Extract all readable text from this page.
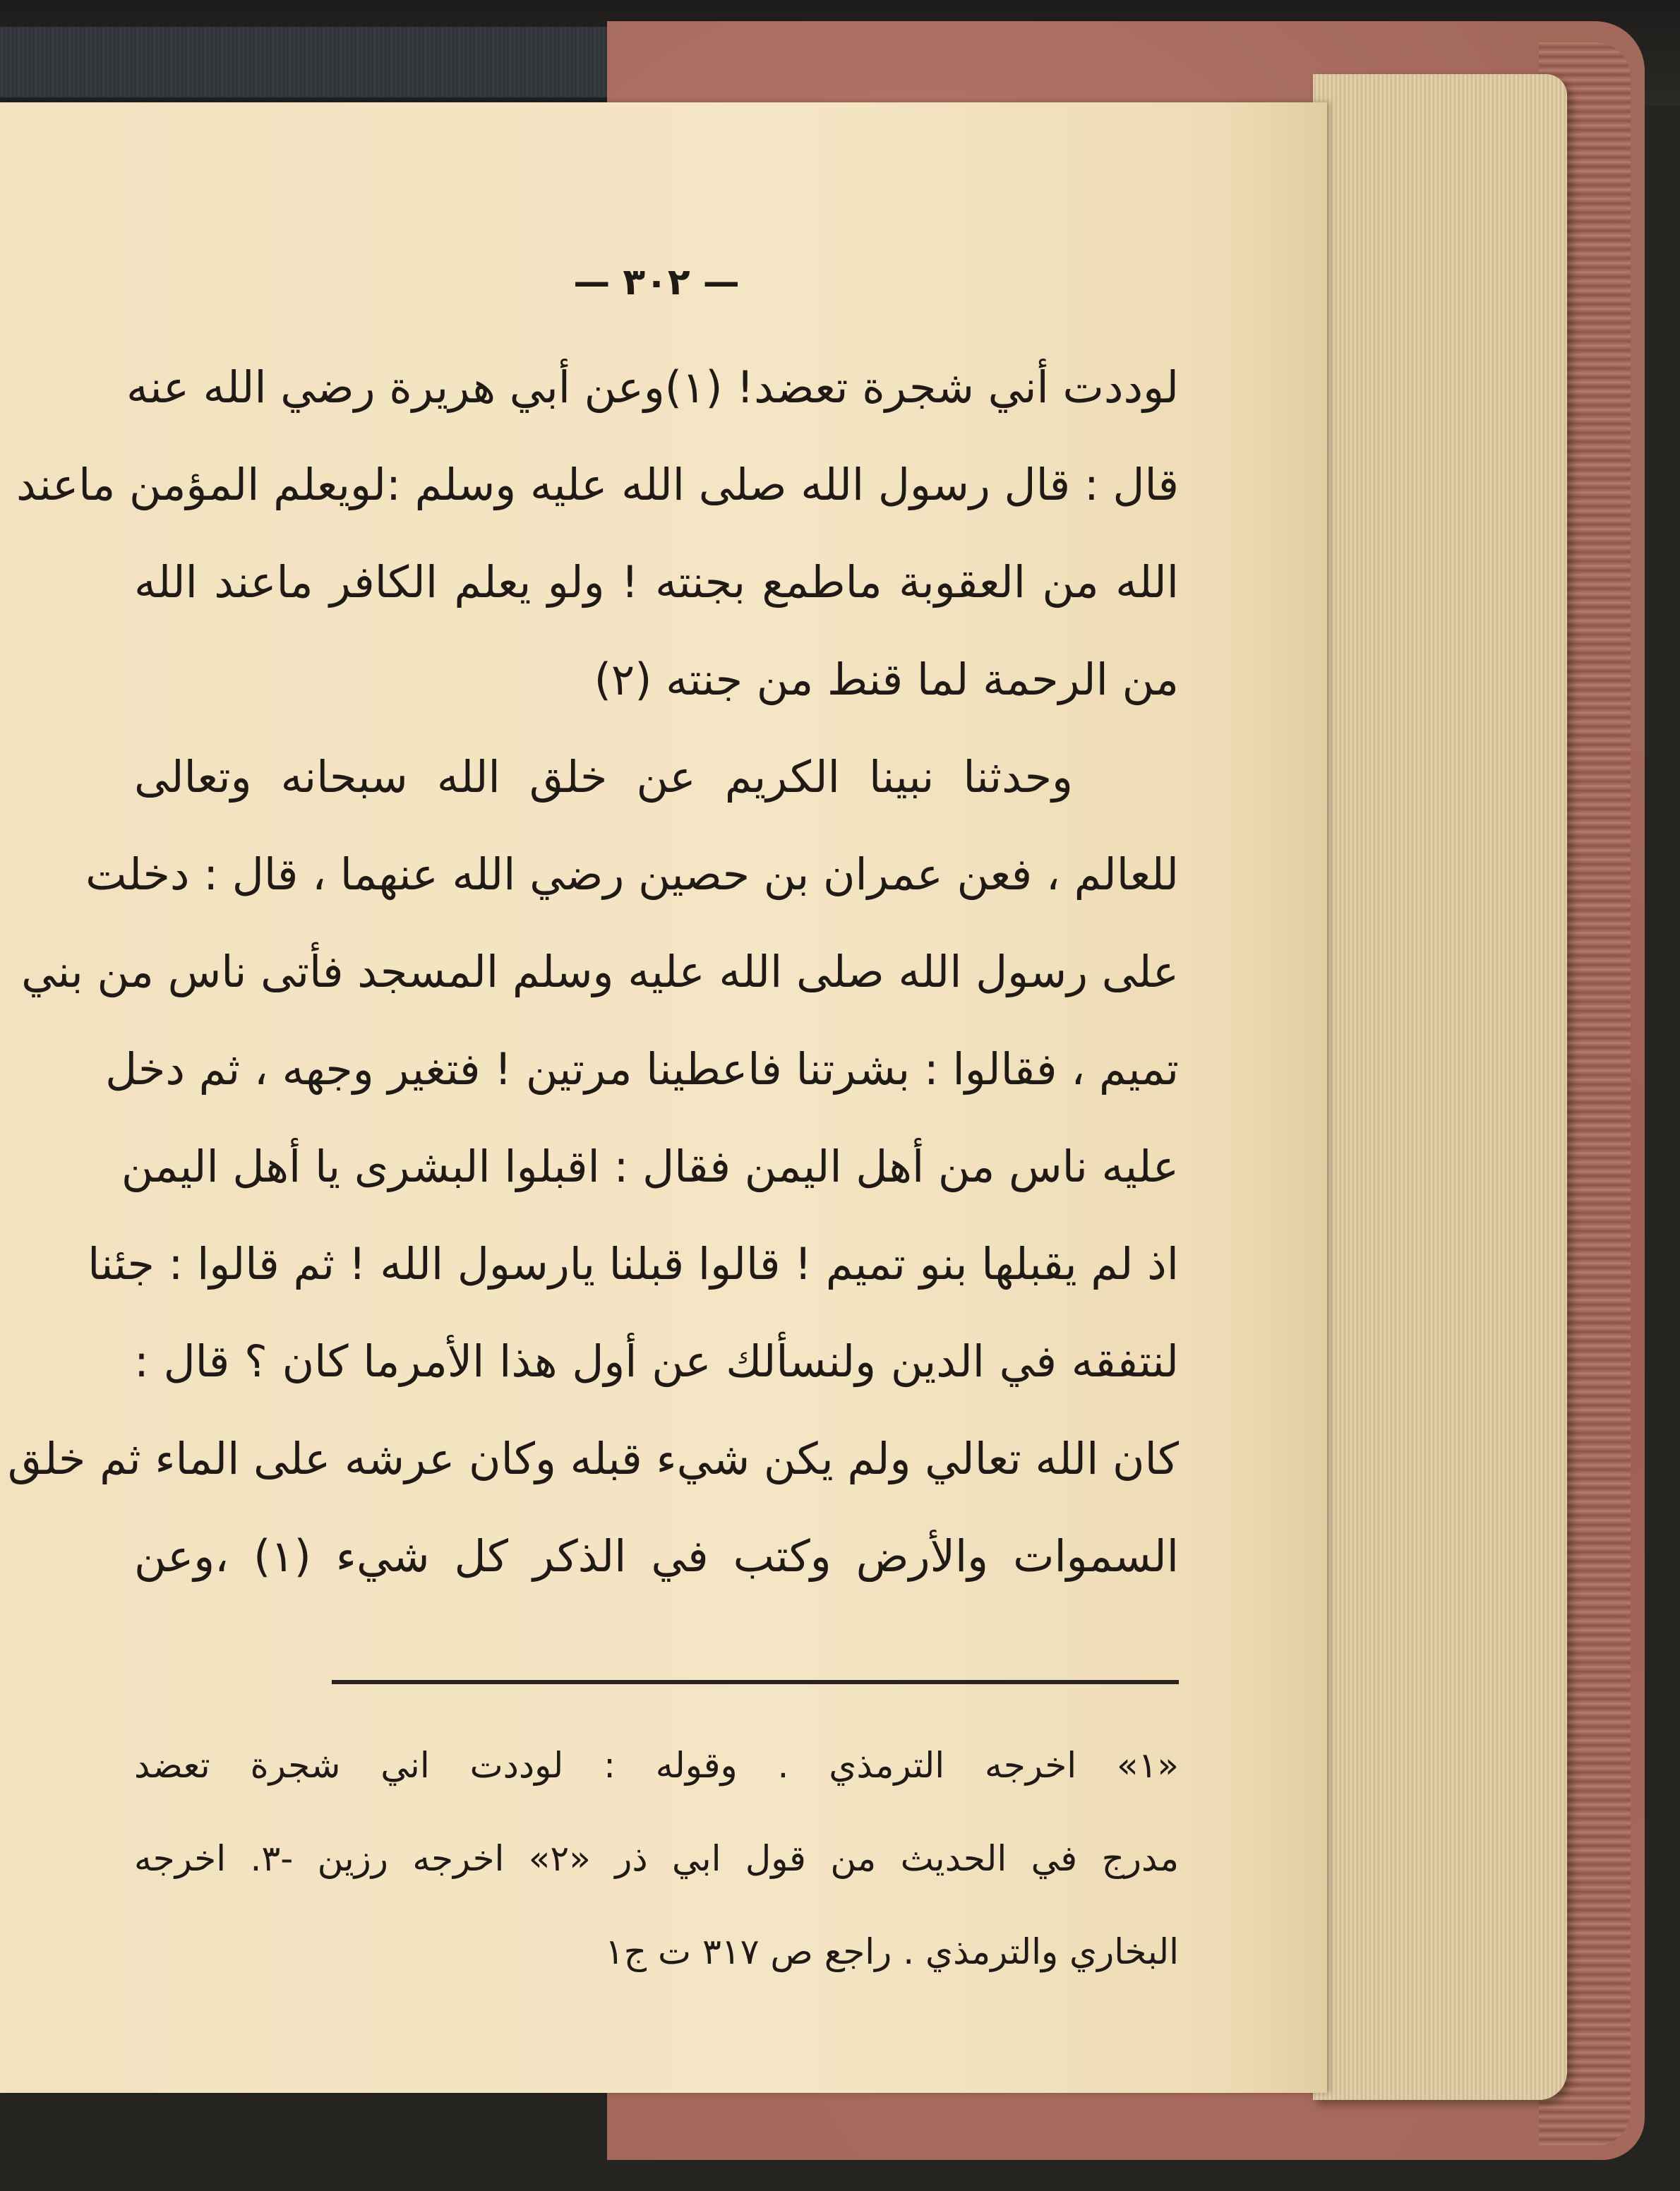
— ٣٠٢ —
لوددت أني شجرة تعضد! (١)وعن أبي هريرة رضي الله عنه
قال : قال رسول الله صلى الله عليه وسلم :لويعلم المؤمن ماعند
الله من العقوبة ماطمع بجنته ! ولو يعلم الكافر ماعند الله
من الرحمة لما قنط من جنته (٢)
وحدثنا نبينا الكريم عن خلق الله سبحانه وتعالى
للعالم ، فعن عمران بن حصين رضي الله عنهما ، قال : دخلت
على رسول الله صلى الله عليه وسلم المسجد فأتى ناس من بني
تميم ، فقالوا : بشرتنا فاعطينا مرتين ! فتغير وجهه ، ثم دخل
عليه ناس من أهل اليمن فقال : اقبلوا البشرى يا أهل اليمن
اذ لم يقبلها بنو تميم ! قالوا قبلنا يارسول الله ! ثم قالوا : جئنا
لنتفقه في الدين ولنسألك عن أول هذا الأمرما كان ؟ قال :
كان الله تعالي ولم يكن شيء قبله وكان عرشه على الماء ثم خلق
السموات والأرض وكتب في الذكر كل شيء (١) ،وعن
«١» اخرجه الترمذي . وقوله : لوددت اني شجرة تعضد
مدرج في الحديث من قول ابي ذر «٢» اخرجه رزين -٣. اخرجه
البخاري والترمذي . راجع ص ٣١٧ ت ج١
